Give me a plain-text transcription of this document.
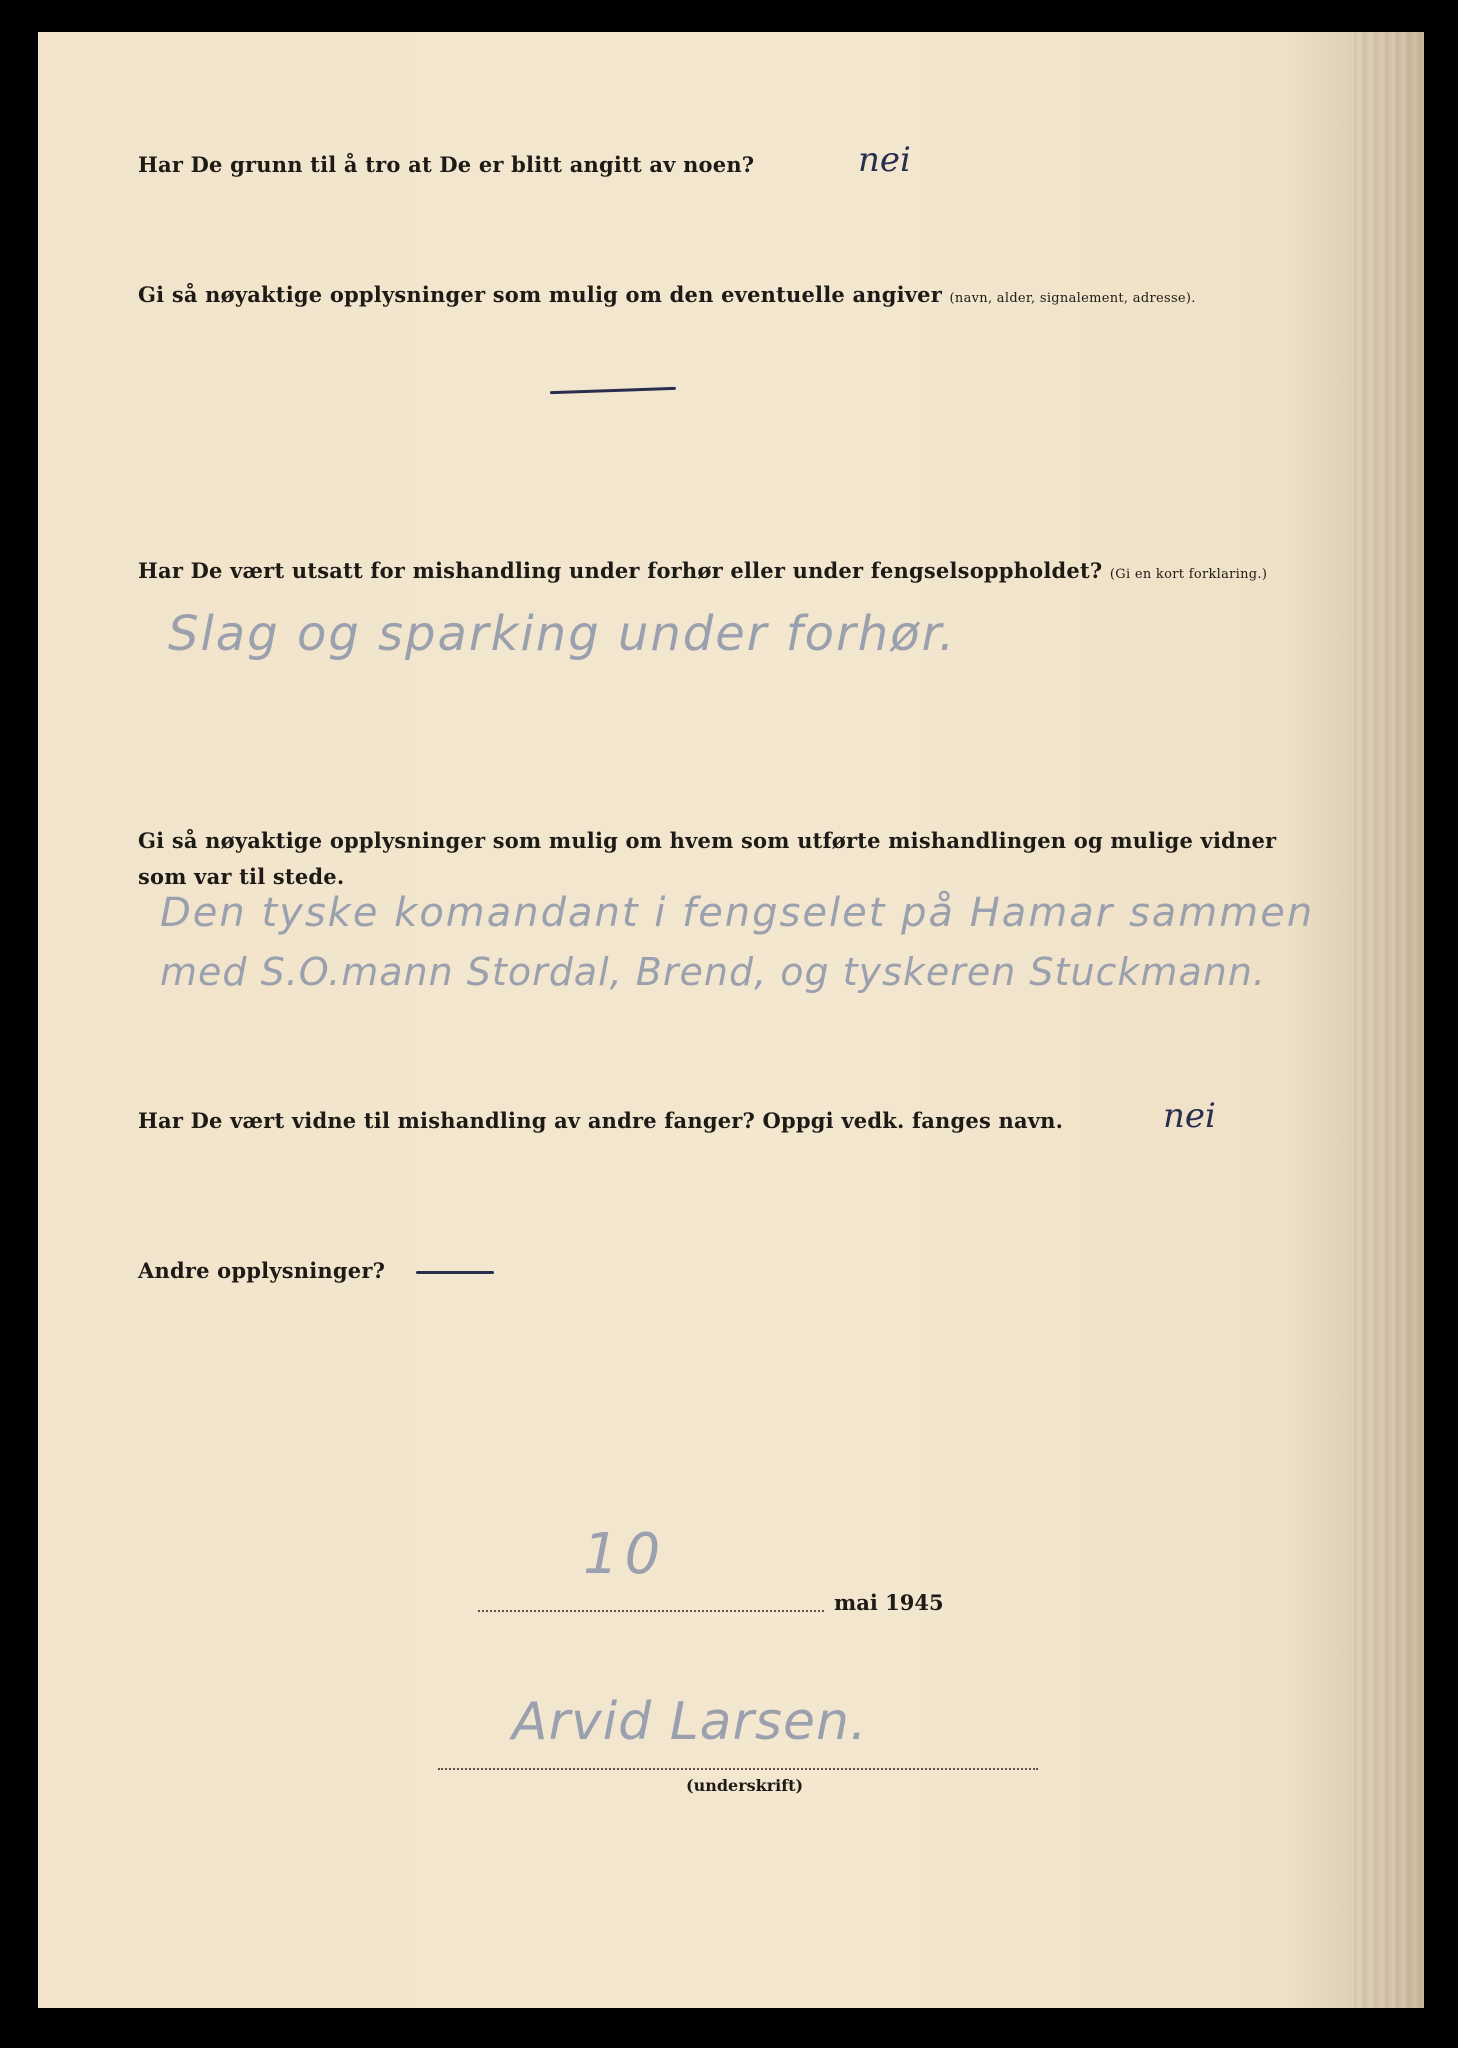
Har De grunn til å tro at De er blitt angitt av noen?	nei
Gi så nøyaktige opplysninger som mulig om den eventuelle angiver (navn, alder, signalement, adresse).
Har De vært utsatt for mishandling under forhør eller under fengselsoppholdet? (Gi en kort forklaring.)
Slag og sparking under forhør.
Gi så nøyaktige opplysninger som mulig om hvem som utførte mishandlingen og mulige vidner
som var til stede.
Den tyske komandant i fengselet på Hamar sammen
med S.O.mann Stordal, Brend, og tyskeren Stuckmann.
Har De vært vidne til mishandling av andre fanger? Oppgi vedk. fanges navn.	nei
Andre opplysninger?
10
mai 1945
Arvid Larsen.
(underskrift)
